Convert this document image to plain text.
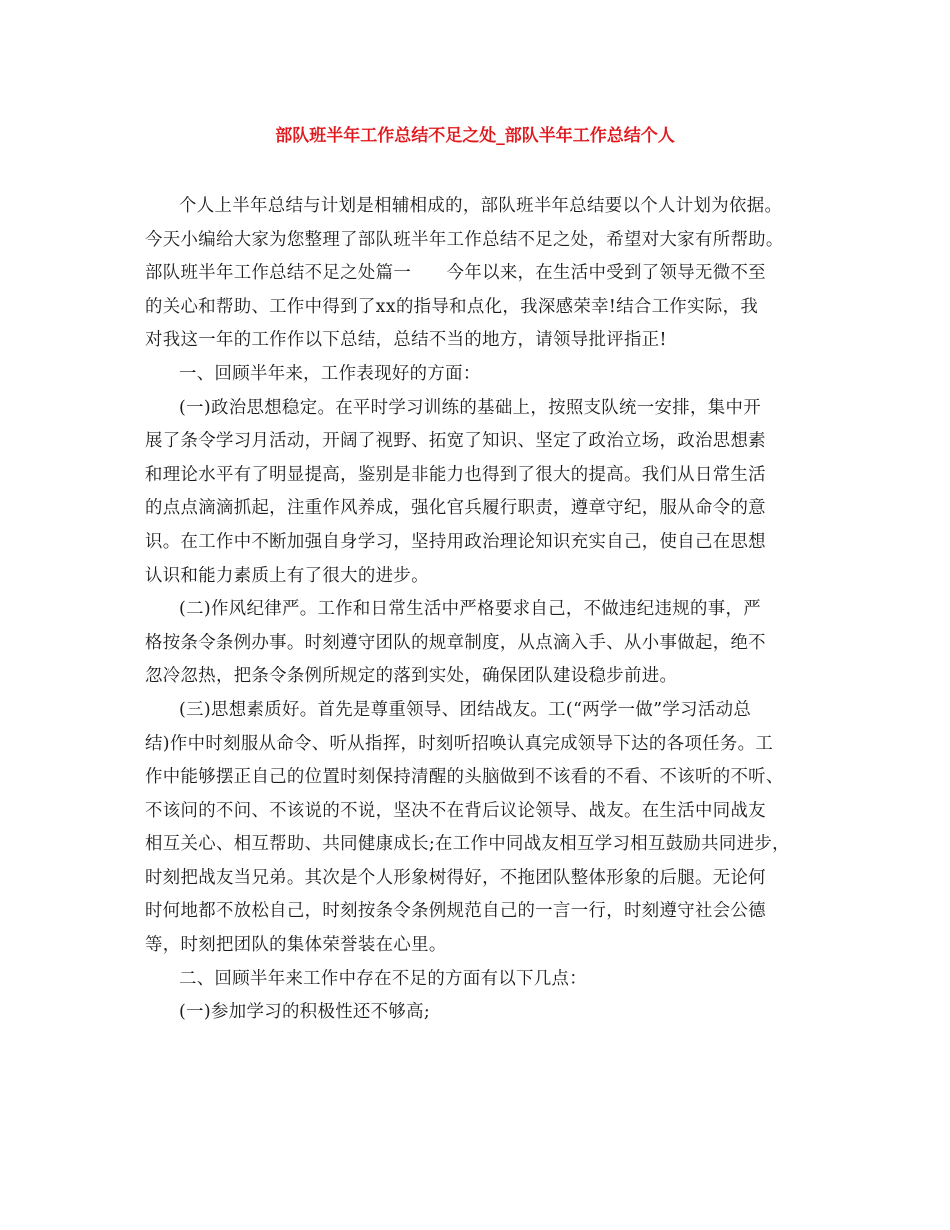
部队班半年工作总结不足之处_部队半年工作总结个人
个人上半年总结与计划是相辅相成的，部队班半年总结要以个人计划为依据。
今天小编给大家为您整理了部队班半年工作总结不足之处，希望对大家有所帮助。
部队班半年工作总结不足之处篇一　　今年以来，在生活中受到了领导无微不至
的关心和帮助、工作中得到了xx的指导和点化，我深感荣幸!结合工作实际，我
对我这一年的工作作以下总结，总结不当的地方，请领导批评指正!
一、回顾半年来，工作表现好的方面：
(一)政治思想稳定。在平时学习训练的基础上，按照支队统一安排，集中开
展了条令学习月活动，开阔了视野、拓宽了知识、坚定了政治立场，政治思想素
和理论水平有了明显提高，鉴别是非能力也得到了很大的提高。我们从日常生活
的点点滴滴抓起，注重作风养成，强化官兵履行职责，遵章守纪，服从命令的意
识。在工作中不断加强自身学习，坚持用政治理论知识充实自己，使自己在思想
认识和能力素质上有了很大的进步。
(二)作风纪律严。工作和日常生活中严格要求自己，不做违纪违规的事，严
格按条令条例办事。时刻遵守团队的规章制度，从点滴入手、从小事做起，绝不
忽冷忽热，把条令条例所规定的落到实处，确保团队建设稳步前进。
(三)思想素质好。首先是尊重领导、团结战友。工(“两学一做”学习活动总
结)作中时刻服从命令、听从指挥，时刻听招唤认真完成领导下达的各项任务。工
作中能够摆正自己的位置时刻保持清醒的头脑做到不该看的不看、不该听的不听、
不该问的不问、不该说的不说，坚决不在背后议论领导、战友。在生活中同战友
相互关心、相互帮助、共同健康成长;在工作中同战友相互学习相互鼓励共同进步，
时刻把战友当兄弟。其次是个人形象树得好，不拖团队整体形象的后腿。无论何
时何地都不放松自己，时刻按条令条例规范自己的一言一行，时刻遵守社会公德
等，时刻把团队的集体荣誉装在心里。
二、回顾半年来工作中存在不足的方面有以下几点：
(一)参加学习的积极性还不够高;
